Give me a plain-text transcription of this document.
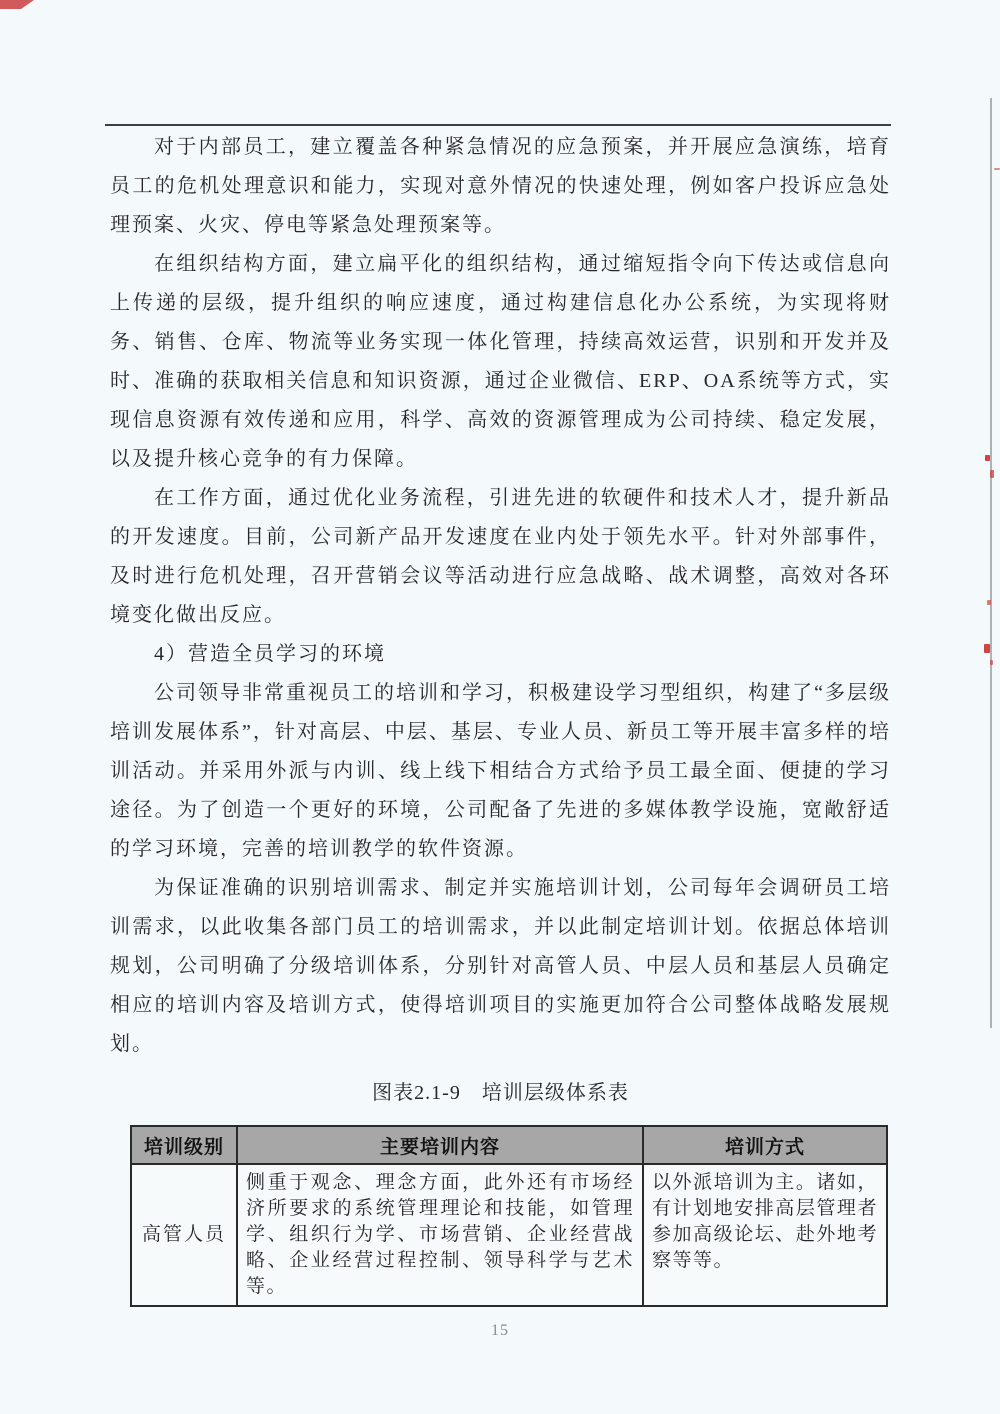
对于内部员工，建立覆盖各种紧急情况的应急预案，并开展应急演练，培育员工的危机处理意识和能力，实现对意外情况的快速处理，例如客户投诉应急处理预案、火灾、停电等紧急处理预案等。

在组织结构方面，建立扁平化的组织结构，通过缩短指令向下传达或信息向上传递的层级，提升组织的响应速度，通过构建信息化办公系统，为实现将财务、销售、仓库、物流等业务实现一体化管理，持续高效运营，识别和开发并及时、准确的获取相关信息和知识资源，通过企业微信、ERP、OA系统等方式，实现信息资源有效传递和应用，科学、高效的资源管理成为公司持续、稳定发展，以及提升核心竞争的有力保障。

在工作方面，通过优化业务流程，引进先进的软硬件和技术人才，提升新品的开发速度。目前，公司新产品开发速度在业内处于领先水平。针对外部事件，及时进行危机处理，召开营销会议等活动进行应急战略、战术调整，高效对各环境变化做出反应。

4）营造全员学习的环境

公司领导非常重视员工的培训和学习，积极建设学习型组织，构建了“多层级培训发展体系”，针对高层、中层、基层、专业人员、新员工等开展丰富多样的培训活动。并采用外派与内训、线上线下相结合方式给予员工最全面、便捷的学习途径。为了创造一个更好的环境，公司配备了先进的多媒体教学设施，宽敞舒适的学习环境，完善的培训教学的软件资源。

为保证准确的识别培训需求、制定并实施培训计划，公司每年会调研员工培训需求，以此收集各部门员工的培训需求，并以此制定培训计划。依据总体培训规划，公司明确了分级培训体系，分别针对高管人员、中层人员和基层人员确定相应的培训内容及培训方式，使得培训项目的实施更加符合公司整体战略发展规划。

图表2.1-9　培训层级体系表

培训级别	主要培训内容	培训方式
高管人员	侧重于观念、理念方面，此外还有市场经济所要求的系统管理理论和技能，如管理学、组织行为学、市场营销、企业经营战略、企业经营过程控制、领导科学与艺术等。	以外派培训为主。诸如，有计划地安排高层管理者参加高级论坛、赴外地考察等等。
15
